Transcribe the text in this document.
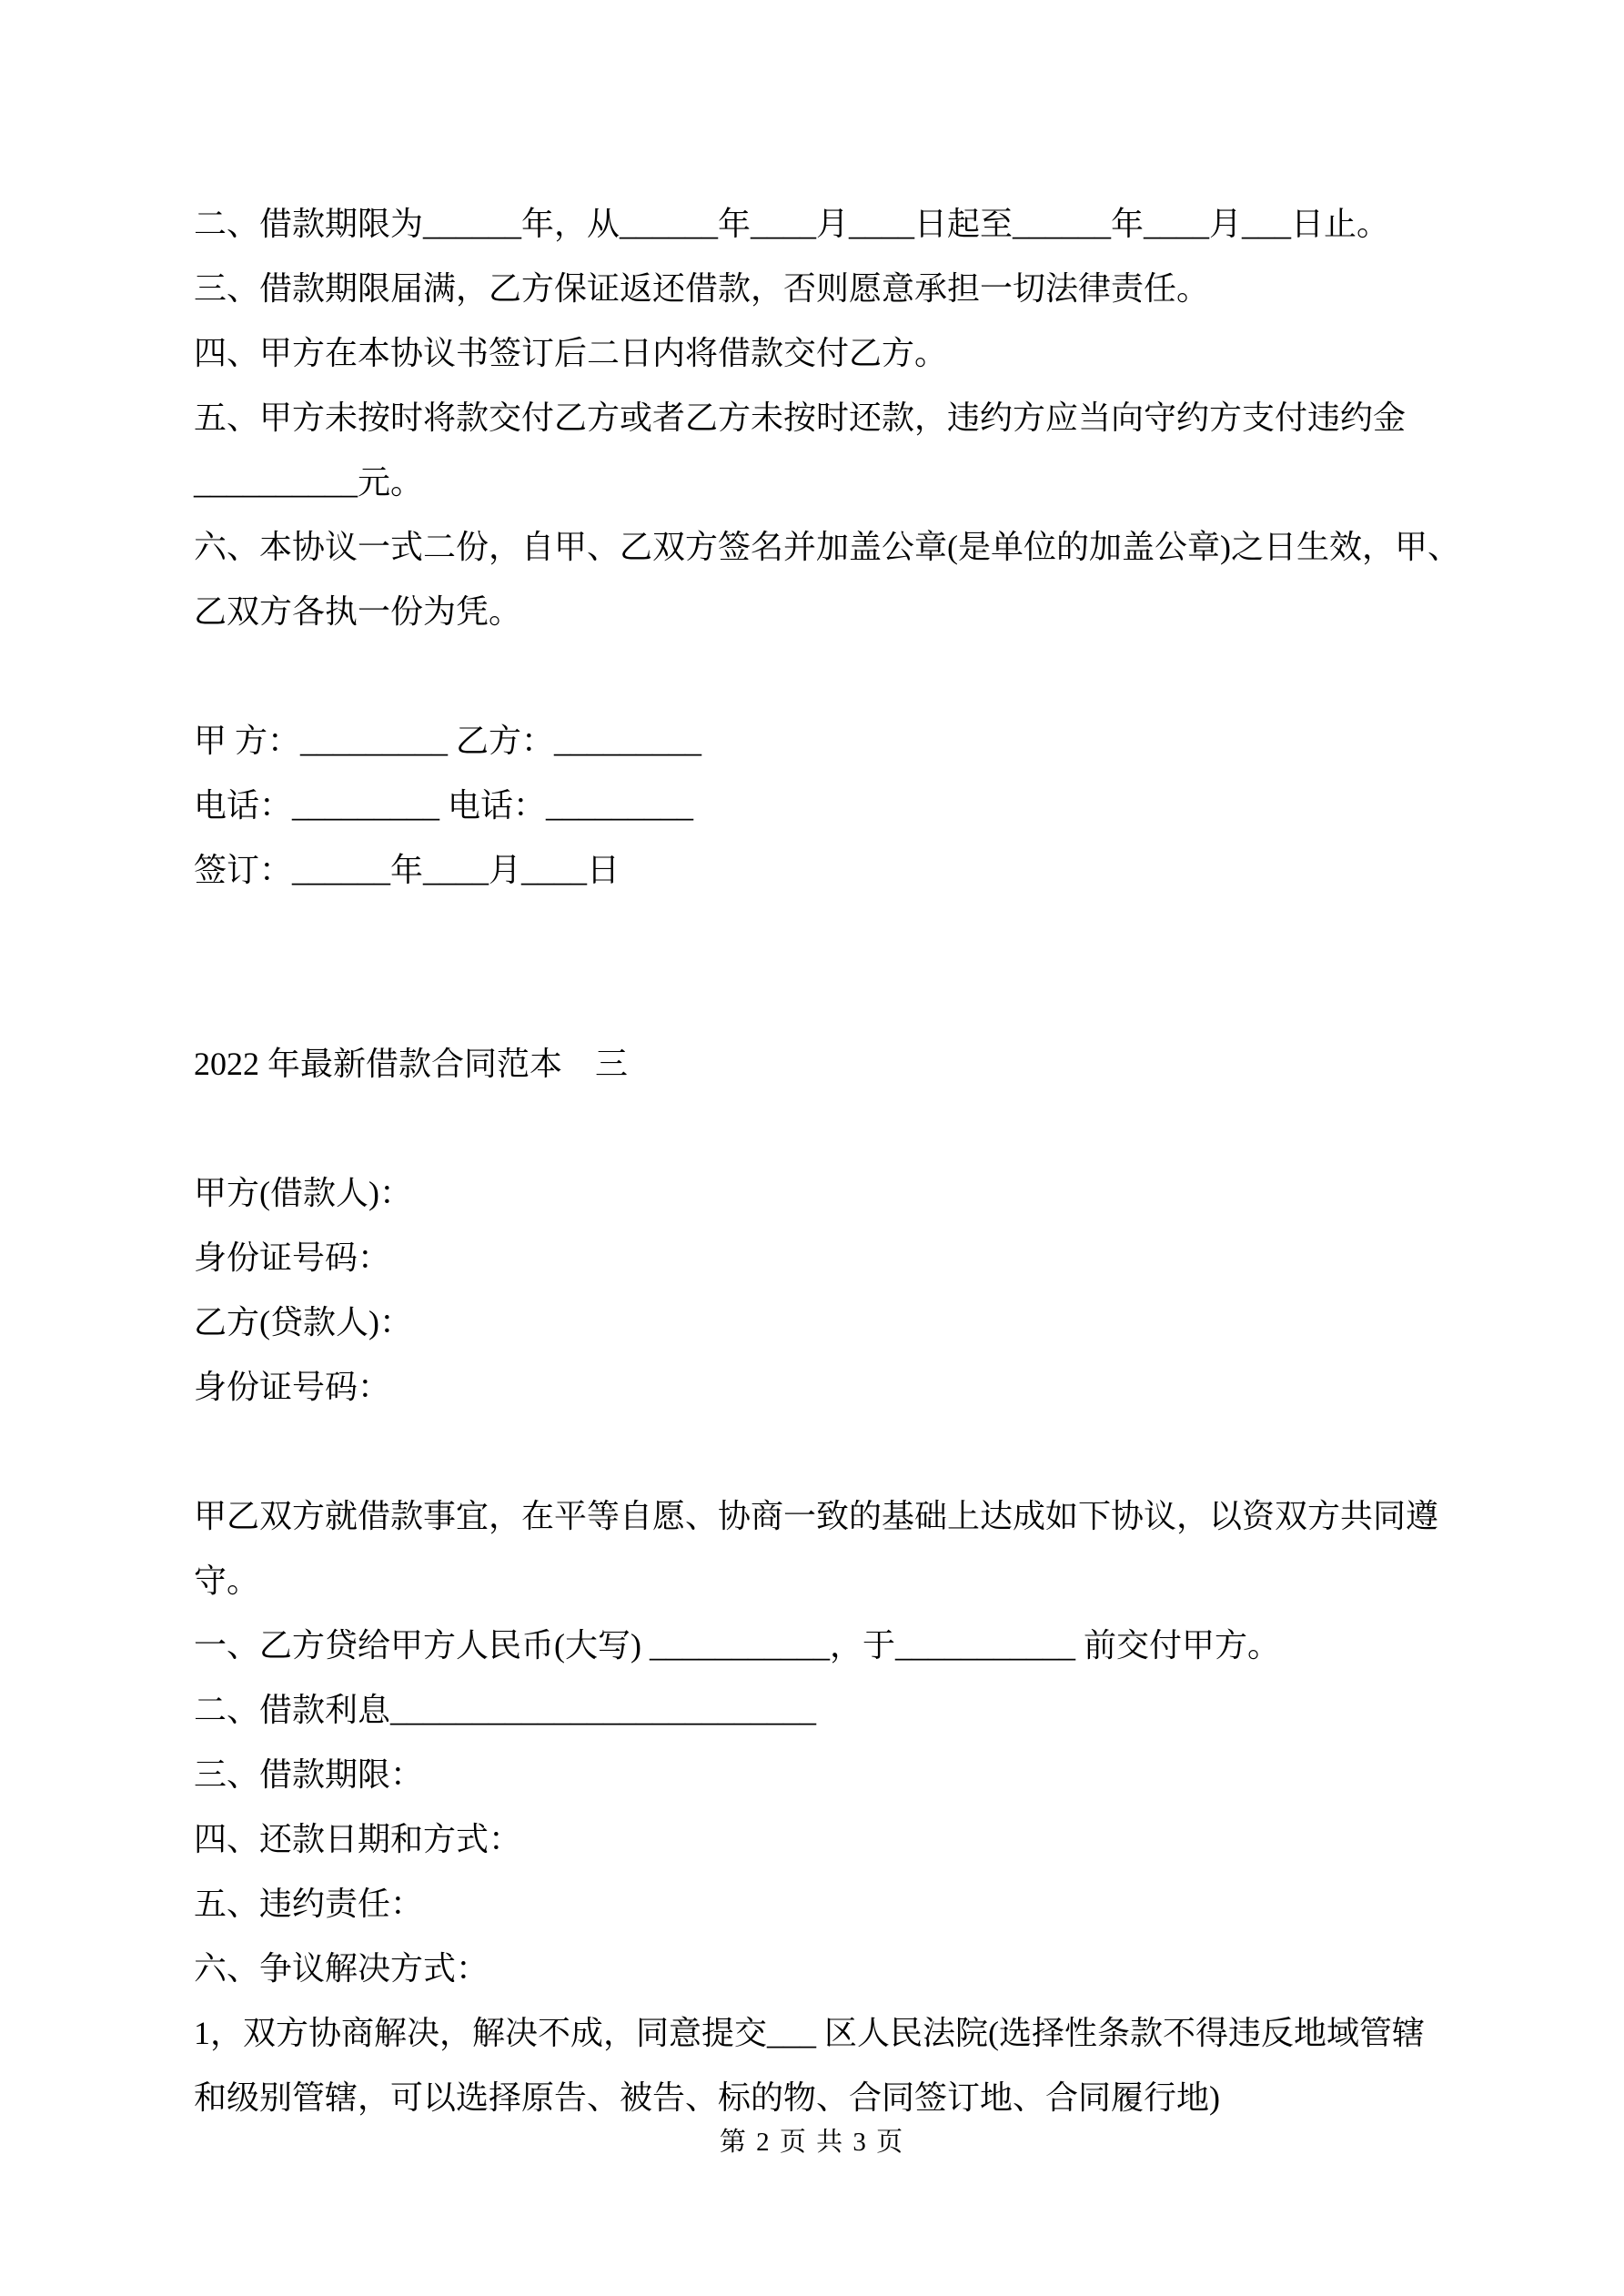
二、借款期限为______年，从______年____月____日起至______年____月___日止。
三、借款期限届满，乙方保证返还借款，否则愿意承担一切法律责任。
四、甲方在本协议书签订后二日内将借款交付乙方。
五、甲方未按时将款交付乙方或者乙方未按时还款，违约方应当向守约方支付违约金
__________元。
六、本协议一式二份，自甲、乙双方签名并加盖公章(是单位的加盖公章)之日生效，甲、
乙双方各执一份为凭。
甲 方：_________ 乙方：_________
电话：_________ 电话：_________
签订：______年____月____日
2022 年最新借款合同范本　三
甲方(借款人)：
身份证号码：
乙方(贷款人)：
身份证号码：
甲乙双方就借款事宜，在平等自愿、协商一致的基础上达成如下协议，以资双方共同遵
守。
一、乙方贷给甲方人民币(大写) ___________，于___________ 前交付甲方。
二、借款利息__________________________
三、借款期限：
四、还款日期和方式：
五、违约责任：
六、争议解决方式：
1，双方协商解决，解决不成，同意提交___ 区人民法院(选择性条款不得违反地域管辖
和级别管辖，可以选择原告、被告、标的物、合同签订地、合同履行地)
第 2 页 共 3 页
